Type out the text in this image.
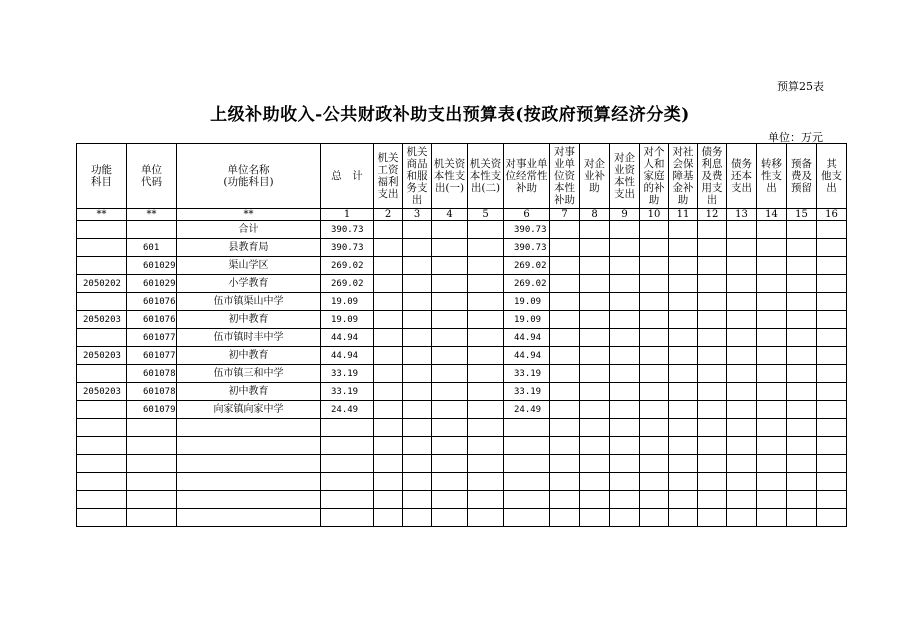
预算25表
上级补助收入-公共财政补助支出预算表(按政府预算经济分类)
单位：万元
功能
科目	单位
代码	单位名称
(功能科目)	总　计	机关
工资
福利
支出	机关
商品
和服
务支
出	机关资
本性支
出(一)	机关资
本性支
出(二)	对事业单
位经常性
补助	对事
业单
位资
本性
补助	对企
业补
助	对企
业资
本性
支出	对个
人和
家庭
的补
助	对社
会保
障基
金补
助	债务
利息
及费
用支
出	债务
还本
支出	转移
性支
出	预备
费及
预留	其
他支
出
**	**	**	1	2	3	4	5	6	7	8	9	10	11	12	13	14	15	16
		合计	390.73					390.73										
	601	县教育局	390.73					390.73										
	601029	渠山学区	269.02					269.02										
2050202	601029	小学教育	269.02					269.02										
	601076	伍市镇渠山中学	19.09					19.09										
2050203	601076	初中教育	19.09					19.09										
	601077	伍市镇时丰中学	44.94					44.94										
2050203	601077	初中教育	44.94					44.94										
	601078	伍市镇三和中学	33.19					33.19										
2050203	601078	初中教育	33.19					33.19										
	601079	向家镇向家中学	24.49					24.49										
